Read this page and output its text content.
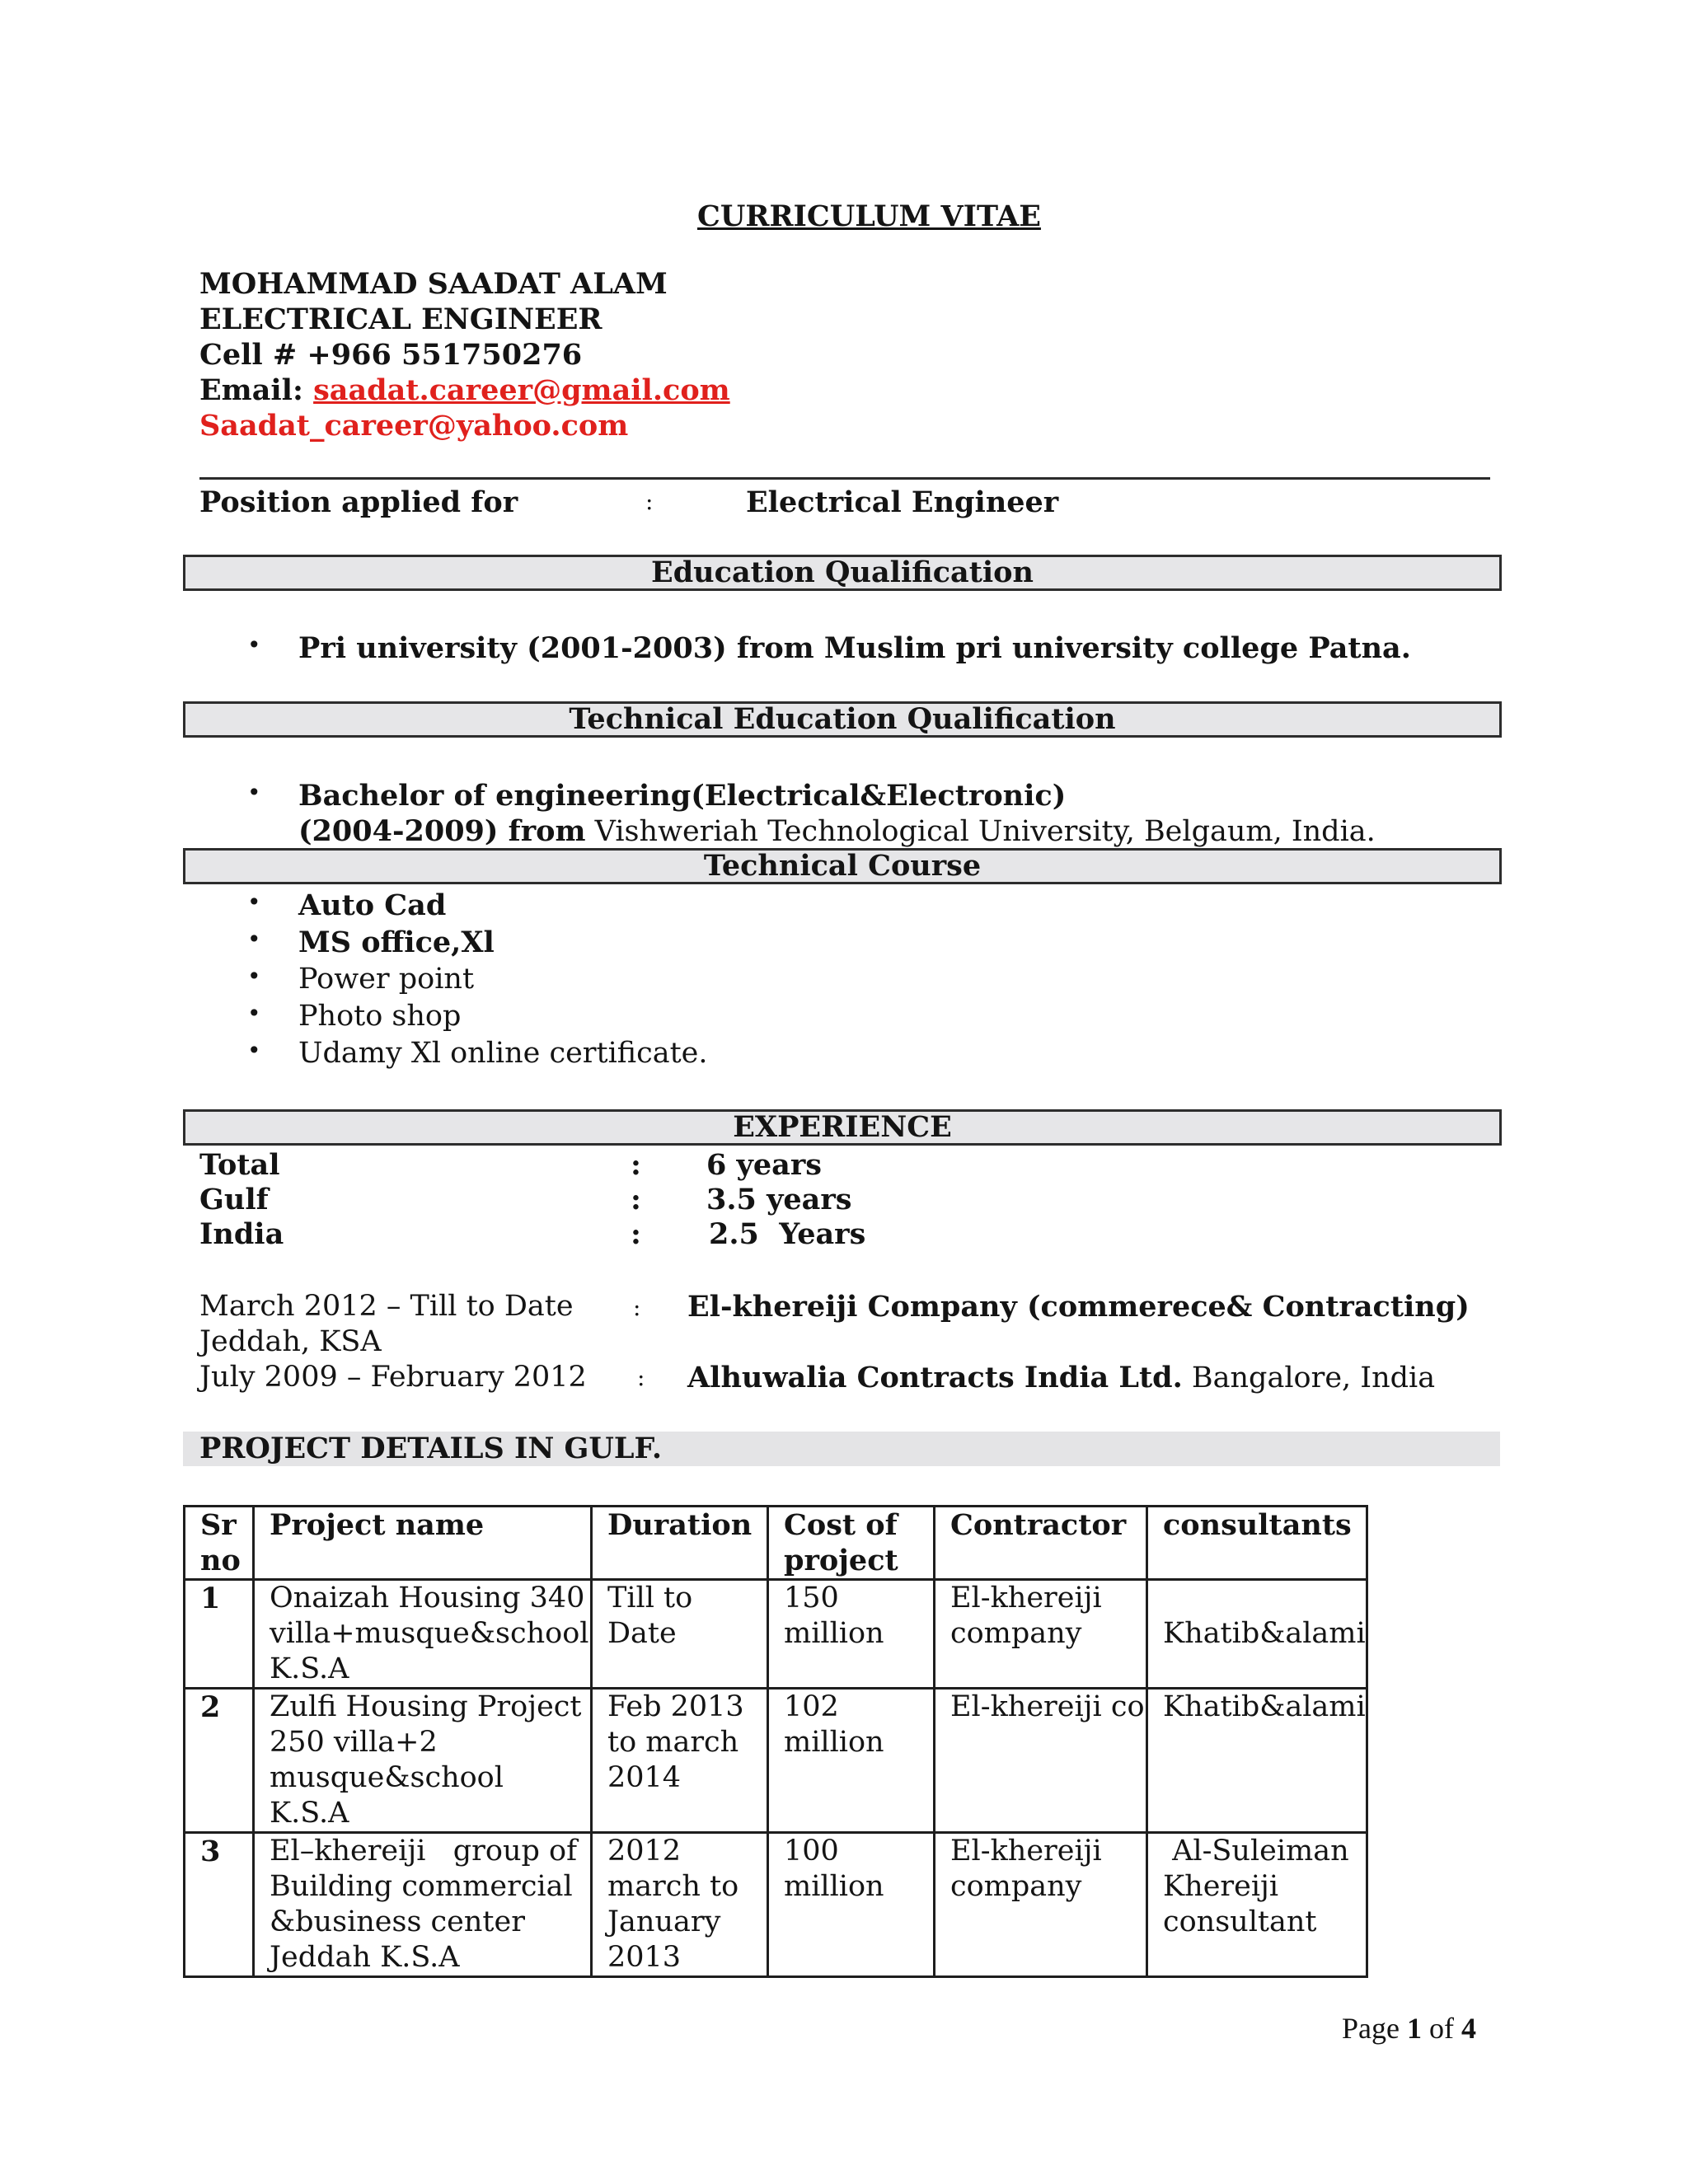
CURRICULUM VITAE
MOHAMMAD SAADAT ALAM
ELECTRICAL ENGINEER
Cell # +966 551750276
Email: saadat.career@gmail.com
Saadat_career@yahoo.com
Position applied for	:	Electrical Engineer
Education Qualification
• Pri university (2001-2003) from Muslim pri university college Patna.
Technical Education Qualification
• Bachelor of engineering(Electrical&Electronic)
(2004-2009) from Vishweriah Technological University, Belgaum, India.
Technical Course
• Auto Cad
• MS office,Xl
• Power point
• Photo shop
• Udamy Xl online certificate.
EXPERIENCE
Total	: 6 years
Gulf	: 3.5 years
India	: 2.5  Years
March 2012 – Till to Date	: El-khereiji Company (commerece& Contracting)
Jeddah, KSA
July 2009 – February 2012 : Alhuwalia Contracts India Ltd. Bangalore, India
PROJECT DETAILS IN GULF.
Sr no	Project name	Duration	Cost of project	Contractor	consultants
1	Onaizah Housing 340 villa+musque&school K.S.A	Till to Date	150 million	El-khereiji company	Khatib&alami
2	Zulfi Housing Project 250 villa+2 musque&school K.S.A	Feb 2013 to march 2014	102 million	El-khereiji co	Khatib&alami
3	El–khereiji   group of Building commercial &business center Jeddah K.S.A	2012 march to January 2013	100 million	El-khereiji company	Al-Suleiman Khereiji consultant
Page 1 of 4
